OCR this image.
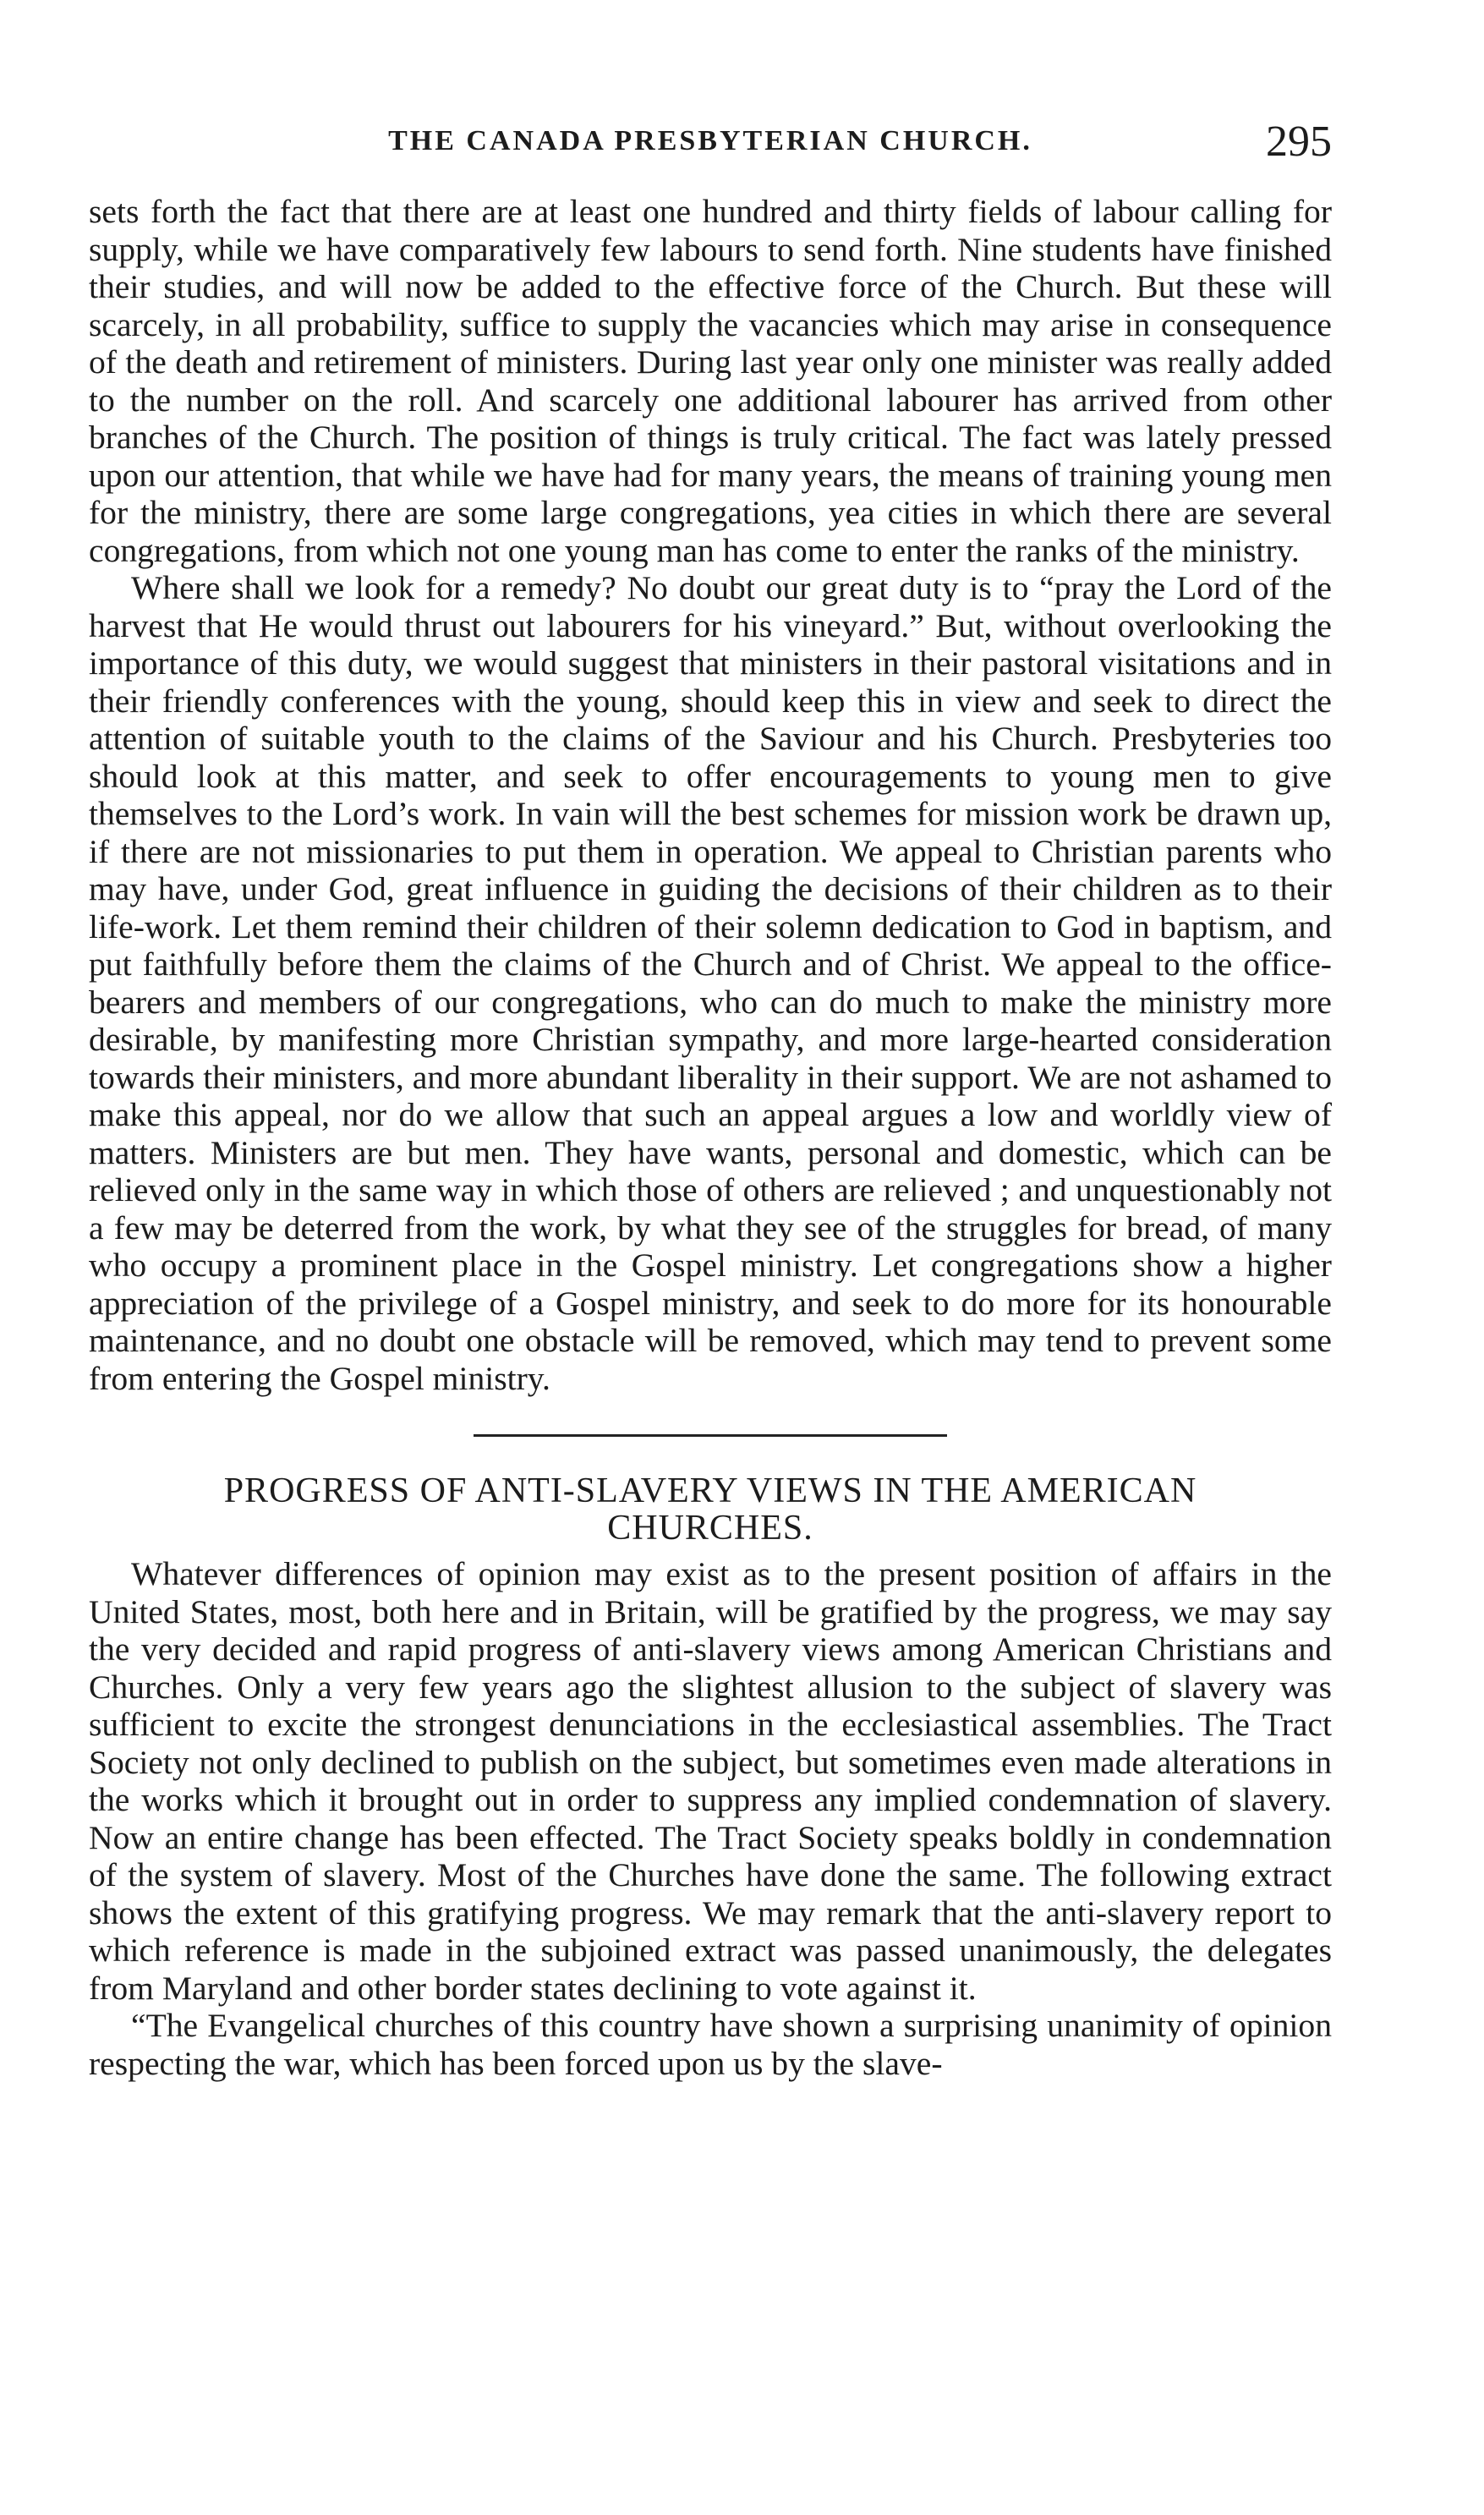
THE CANADA PRESBYTERIAN CHURCH.	295

sets forth the fact that there are at least one hundred and thirty fields of labour calling for supply, while we have comparatively few labours to send forth. Nine students have finished their studies, and will now be added to the effective force of the Church. But these will scarcely, in all probability, suffice to supply the vacancies which may arise in consequence of the death and retirement of ministers. During last year only one minister was really added to the number on the roll. And scarcely one additional labourer has arrived from other branches of the Church. The position of things is truly critical. The fact was lately pressed upon our attention, that while we have had for many years, the means of training young men for the ministry, there are some large congregations, yea cities in which there are several congregations, from which not one young man has come to enter the ranks of the ministry.

Where shall we look for a remedy? No doubt our great duty is to “pray the Lord of the harvest that He would thrust out labourers for his vineyard.” But, without overlooking the importance of this duty, we would suggest that ministers in their pastoral visitations and in their friendly conferences with the young, should keep this in view and seek to direct the attention of suitable youth to the claims of the Saviour and his Church. Presbyteries too should look at this matter, and seek to offer encouragements to young men to give themselves to the Lord’s work. In vain will the best schemes for mission work be drawn up, if there are not missionaries to put them in operation. We appeal to Christian parents who may have, under God, great influence in guiding the decisions of their children as to their life-work. Let them remind their children of their solemn dedication to God in baptism, and put faithfully before them the claims of the Church and of Christ. We appeal to the office-bearers and members of our congregations, who can do much to make the ministry more desirable, by manifesting more Christian sympathy, and more large-hearted consideration towards their ministers, and more abundant liberality in their support. We are not ashamed to make this appeal, nor do we allow that such an appeal argues a low and worldly view of matters. Ministers are but men. They have wants, personal and domestic, which can be relieved only in the same way in which those of others are relieved ; and unquestionably not a few may be deterred from the work, by what they see of the struggles for bread, of many who occupy a prominent place in the Gospel ministry. Let congregations show a higher appreciation of the privilege of a Gospel ministry, and seek to do more for its honourable maintenance, and no doubt one obstacle will be removed, which may tend to prevent some from entering the Gospel ministry.

PROGRESS OF ANTI-SLAVERY VIEWS IN THE AMERICAN
CHURCHES.

Whatever differences of opinion may exist as to the present position of affairs in the United States, most, both here and in Britain, will be gratified by the progress, we may say the very decided and rapid progress of anti-slavery views among American Christians and Churches. Only a very few years ago the slightest allusion to the subject of slavery was sufficient to excite the strongest denunciations in the ecclesiastical assemblies. The Tract Society not only declined to publish on the subject, but sometimes even made alterations in the works which it brought out in order to suppress any implied condemnation of slavery. Now an entire change has been effected. The Tract Society speaks boldly in condemnation of the system of slavery. Most of the Churches have done the same. The following extract shows the extent of this gratifying progress. We may remark that the anti-slavery report to which reference is made in the subjoined extract was passed unanimously, the delegates from Maryland and other border states declining to vote against it.

“The Evangelical churches of this country have shown a surprising unanimity of opinion respecting the war, which has been forced upon us by the slave-
